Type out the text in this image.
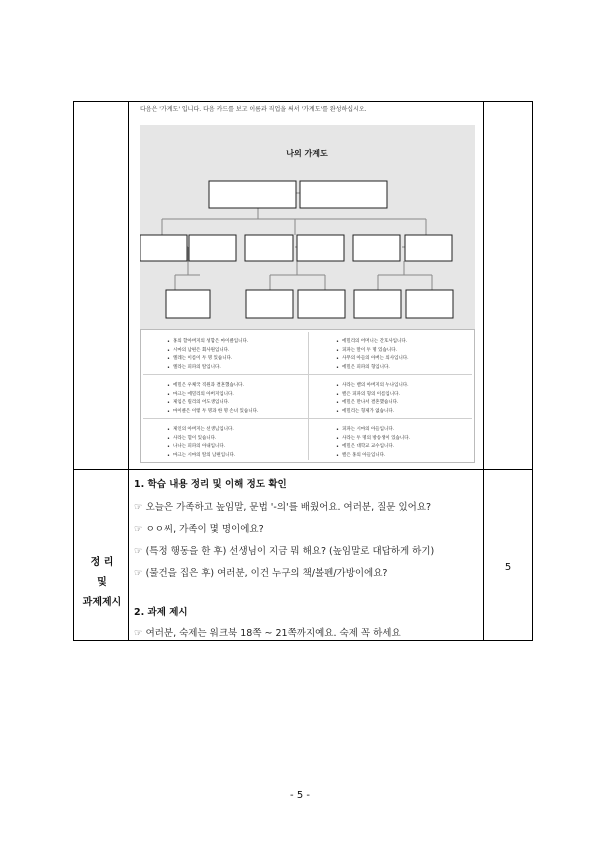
다음은 '가계도' 입니다. 다음 카드를 보고 이름과 직업을 써서 '가계도'를 완성하십시오.
나의 가계도
• 홍의 할아버지의 성함은 마이클입니다.
• 시마의 남편은 회사원입니다.
• 엘레는 이름이 두 명 있습니다.
• 엘라는 피파의 딸입니다.
• 에밀리의 어머니는 간호사입니다.
• 피파는 딸이 두 명 있습니다.
• 사무의 아들의 아버는 의사입니다.
• 에밀은 피파의 형입니다.
• 에밀은 우체국 직원과 결혼했습니다.
• 마크는 에밀리의 아버지입니다.
• 제임은 릴리의 어도생입니다.
• 마이클은 이렇 두 명과 한 명 손녀 있습니다.
• 사라는 밸의 아버지의 누나입니다.
• 밸은 피파의 형의 이름입니다.
• 에밀은 만나서 결혼했습니다.
• 에밀리는 형제가 없습니다.
• 제인의 아버지는 선생님입니다.
• 사라는 혈이 있습니다.
• 나나는 피파의 아내입니다.
• 마크는 시마의 딸의 남편입니다.
• 피파는 시마의 아들입니다.
• 사라는 두 명의 방송생이 있습니다.
• 에밀은 대학교 교수입니다.
• 밸은 홍의 아들입니다.
정 리
및
과제제시
1. 학습 내용 정리 및 이해 정도 확인
☞ 오늘은 가족하고 높임말, 문법 '-의'를 배웠어요. 여러분, 질문 있어요?
☞ ㅇㅇ씨, 가족이 몇 명이에요?
☞ (특정 행동을 한 후) 선생님이 지금 뭐 해요? (높임말로 대답하게 하기)
☞ (물건을 집은 후) 여러분, 이건 누구의 책/볼펜/가방이에요?
2. 과제 제시
☞ 여러분, 숙제는 워크북 18쪽 ~ 21쪽까지예요. 숙제 꼭 하세요
5
- 5 -
